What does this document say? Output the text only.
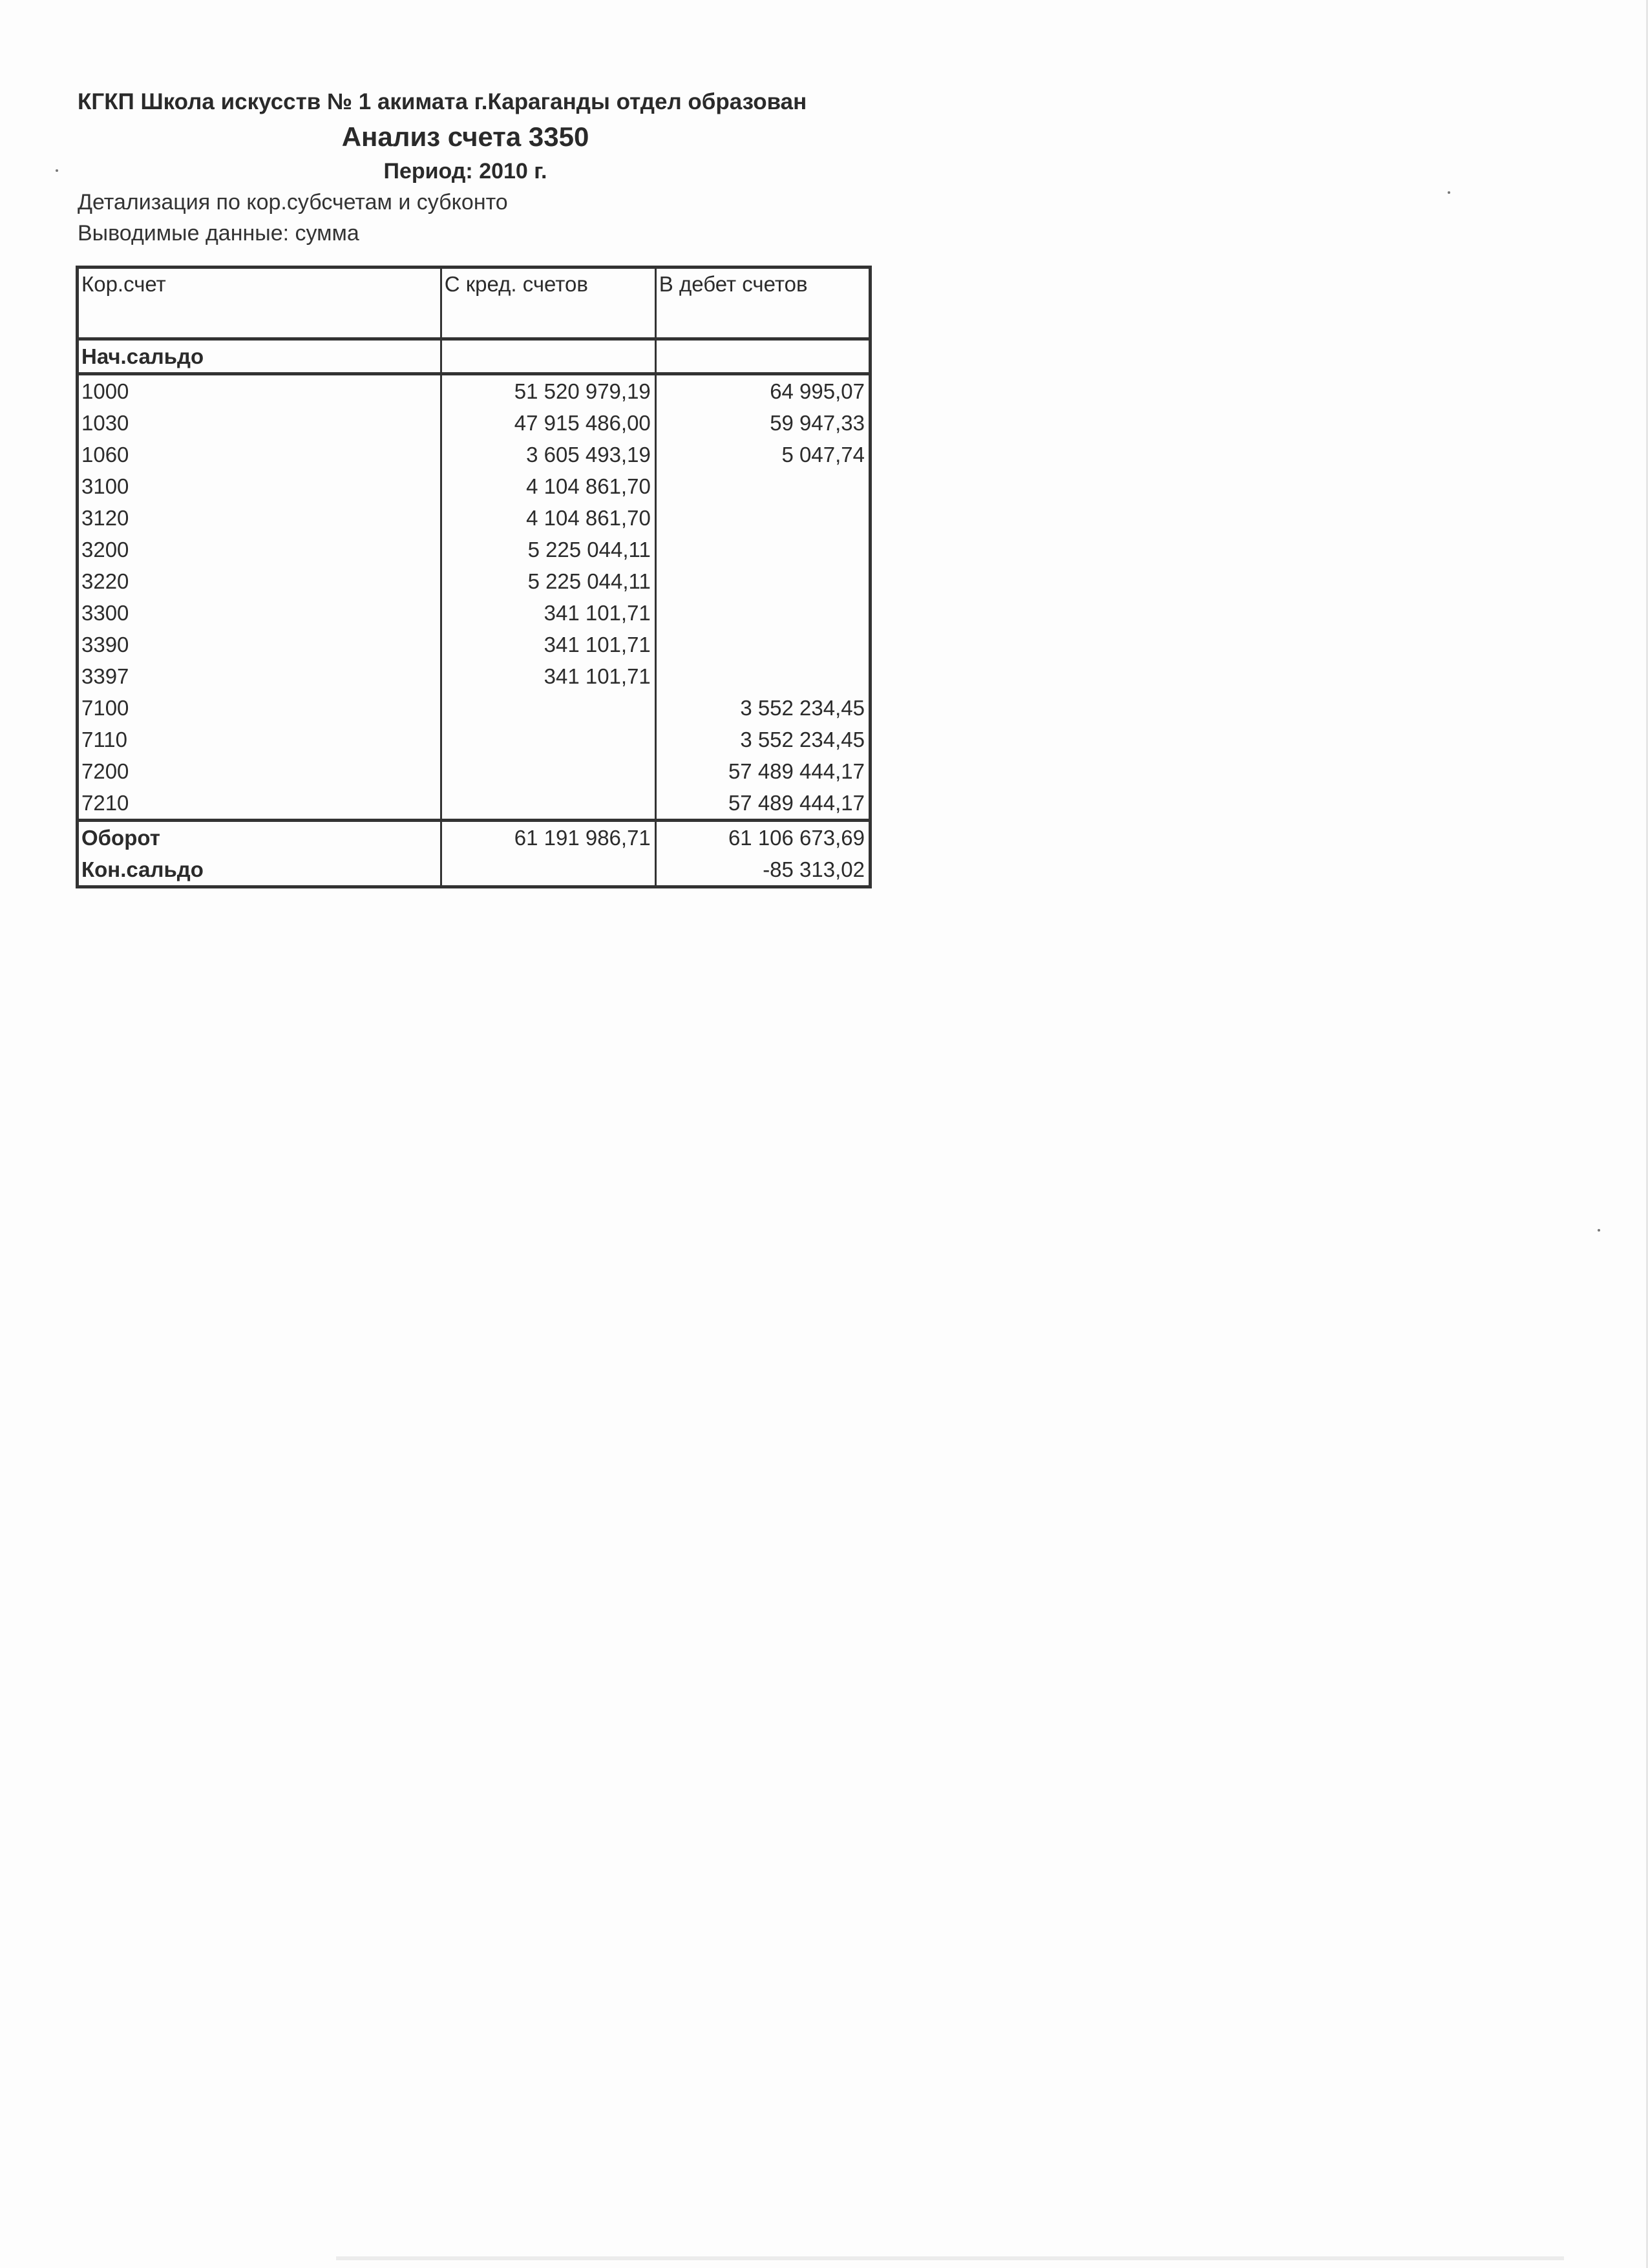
КГКП Школа искусств № 1 акимата г.Караганды отдел образован
Анализ счета 3350
Период: 2010 г.
Детализация по кор.субсчетам и субконто
Выводимые данные: сумма
Кор.счет	С кред. счетов	В дебет счетов
Нач.сальдо		
1000	51 520 979,19	64 995,07
1030	47 915 486,00	59 947,33
1060	3 605 493,19	5 047,74
3100	4 104 861,70	
3120	4 104 861,70	
3200	5 225 044,11	
3220	5 225 044,11	
3300	341 101,71	
3390	341 101,71	
3397	341 101,71	
7100		3 552 234,45
7110		3 552 234,45
7200		57 489 444,17
7210		57 489 444,17
Оборот	61 191 986,71	61 106 673,69
Кон.сальдо		-85 313,02
